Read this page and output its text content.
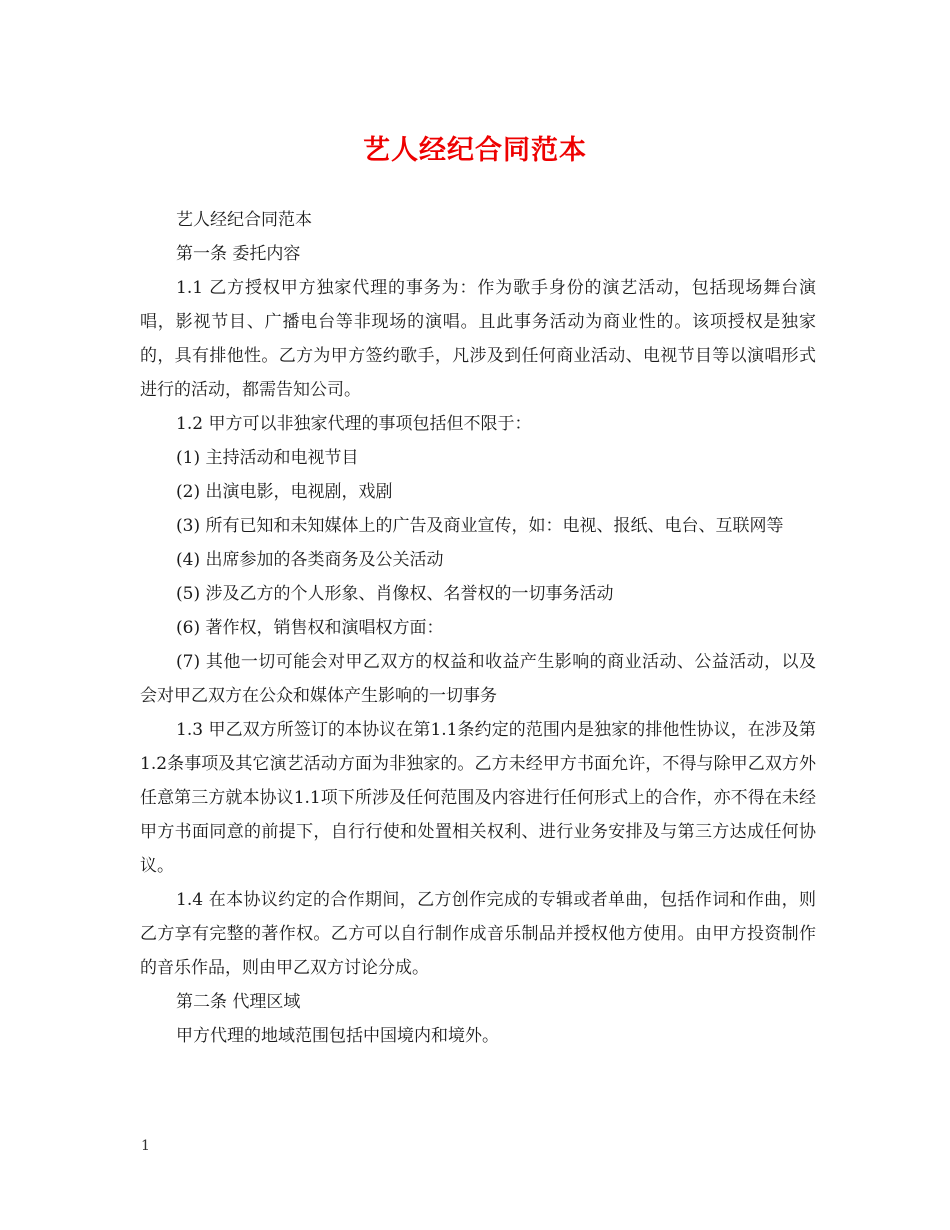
艺人经纪合同范本

艺人经纪合同范本

第一条 委托内容

1.1 乙方授权甲方独家代理的事务为：作为歌手身份的演艺活动，包括现场舞台演唱，影视节目、广播电台等非现场的演唱。且此事务活动为商业性的。该项授权是独家的，具有排他性。乙方为甲方签约歌手，凡涉及到任何商业活动、电视节目等以演唱形式进行的活动，都需告知公司。

1.2 甲方可以非独家代理的事项包括但不限于：

(1) 主持活动和电视节目

(2) 出演电影，电视剧，戏剧

(3) 所有已知和未知媒体上的广告及商业宣传，如：电视、报纸、电台、互联网等

(4) 出席参加的各类商务及公关活动

(5) 涉及乙方的个人形象、肖像权、名誉权的一切事务活动

(6) 著作权，销售权和演唱权方面：

(7) 其他一切可能会对甲乙双方的权益和收益产生影响的商业活动、公益活动，以及会对甲乙双方在公众和媒体产生影响的一切事务

1.3 甲乙双方所签订的本协议在第1.1条约定的范围内是独家的排他性协议，在涉及第1.2条事项及其它演艺活动方面为非独家的。乙方未经甲方书面允许，不得与除甲乙双方外任意第三方就本协议1.1项下所涉及任何范围及内容进行任何形式上的合作，亦不得在未经甲方书面同意的前提下，自行行使和处置相关权利、进行业务安排及与第三方达成任何协议。

1.4 在本协议约定的合作期间，乙方创作完成的专辑或者单曲，包括作词和作曲，则乙方享有完整的著作权。乙方可以自行制作成音乐制品并授权他方使用。由甲方投资制作的音乐作品，则由甲乙双方讨论分成。

第二条 代理区域

甲方代理的地域范围包括中国境内和境外。

1
